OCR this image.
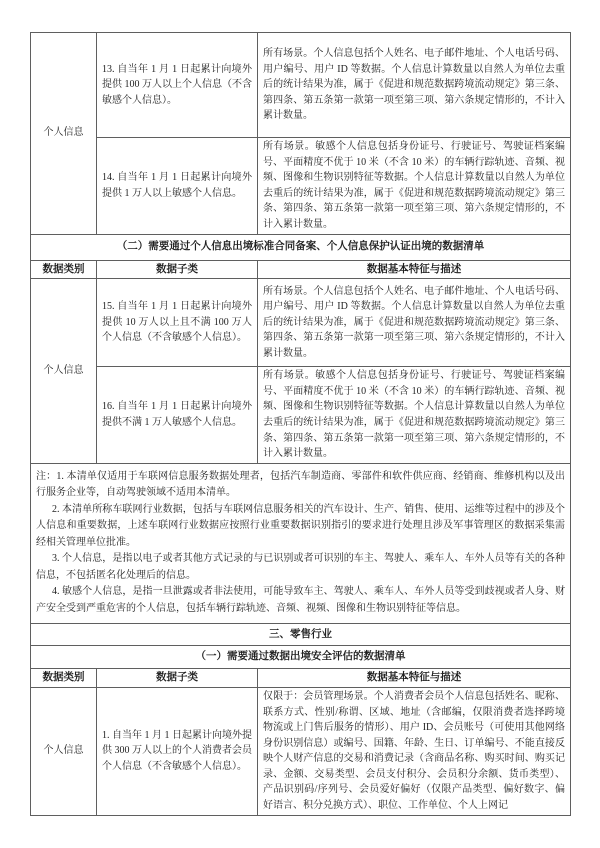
个人信息	13. 自当年 1 月 1 日起累计向境外提供 100 万人以上个人信息（不含敏感个人信息）。	所有场景。个人信息包括个人姓名、电子邮件地址、个人电话号码、用户编号、用户 ID 等数据。个人信息计算数量以自然人为单位去重后的统计结果为准，属于《促进和规范数据跨境流动规定》第三条、第四条、第五条第一款第一项至第三项、第六条规定情形的，不计入累计数量。
	14. 自当年 1 月 1 日起累计向境外提供 1 万人以上敏感个人信息。	所有场景。敏感个人信息包括身份证号、行驶证号、驾驶证档案编号、平面精度不优于 10 米（不含 10 米）的车辆行踪轨迹、音频、视频、图像和生物识别特征等数据。个人信息计算数量以自然人为单位去重后的统计结果为准，属于《促进和规范数据跨境流动规定》第三条、第四条、第五条第一款第一项至第三项、第六条规定情形的，不计入累计数量。
（二）需要通过个人信息出境标准合同备案、个人信息保护认证出境的数据清单		
数据类别	数据子类	数据基本特征与描述
个人信息	15. 自当年 1 月 1 日起累计向境外提供 10 万人以上且不满 100 万人个人信息（不含敏感个人信息）。	所有场景。个人信息包括个人姓名、电子邮件地址、个人电话号码、用户编号、用户 ID 等数据。个人信息计算数量以自然人为单位去重后的统计结果为准，属于《促进和规范数据跨境流动规定》第三条、第四条、第五条第一款第一项至第三项、第六条规定情形的，不计入累计数量。
	16. 自当年 1 月 1 日起累计向境外提供不满 1 万人敏感个人信息。	所有场景。敏感个人信息包括身份证号、行驶证号、驾驶证档案编号、平面精度不优于 10 米（不含 10 米）的车辆行踪轨迹、音频、视频、图像和生物识别特征等数据。个人信息计算数量以自然人为单位去重后的统计结果为准，属于《促进和规范数据跨境流动规定》第三条、第四条、第五条第一款第一项至第三项、第六条规定情形的，不计入累计数量。

注：1. 本清单仅适用于车联网信息服务数据处理者，包括汽车制造商、零部件和软件供应商、经销商、维修机构以及出行服务企业等，自动驾驶领域不适用本清单。

2. 本清单所称车联网行业数据，包括与车联网信息服务相关的汽车设计、生产、销售、使用、运维等过程中的涉及个人信息和重要数据，上述车联网行业数据应按照行业重要数据识别指引的要求进行处理且涉及军事管理区的数据采集需经相关管理单位批准。

3. 个人信息，是指以电子或者其他方式记录的与已识别或者可识别的车主、驾驶人、乘车人、车外人员等有关的各种信息，不包括匿名化处理后的信息。

4. 敏感个人信息，是指一旦泄露或者非法使用，可能导致车主、驾驶人、乘车人、车外人员等受到歧视或者人身、财产安全受到严重危害的个人信息，包括车辆行踪轨迹、音频、视频、图像和生物识别特征等信息。		

三、零售行业		
（一）需要通过数据出境安全评估的数据清单		
数据类别	数据子类	数据基本特征与描述
个人信息	1. 自当年 1 月 1 日起累计向境外提供 300 万人以上的个人消费者会员个人信息（不含敏感个人信息）。	仅限于：会员管理场景。个人消费者会员个人信息包括姓名、昵称、联系方式、性别/称谓、区域、地址（含邮编，仅限消费者选择跨境物流或上门售后服务的情形）、用户 ID、会员账号（可使用其他网络身份识别信息）或编号、国籍、年龄、生日、订单编号、不能直接反映个人财产信息的交易和消费记录（含商品名称、购买时间、购买记录、金额、交易类型、会员支付积分、会员积分余额、货币类型）、产品识别码/序列号、会员爱好偏好（仅限产品类型、偏好数字、偏好语言、积分兑换方式）、职位、工作单位、个人上网记
